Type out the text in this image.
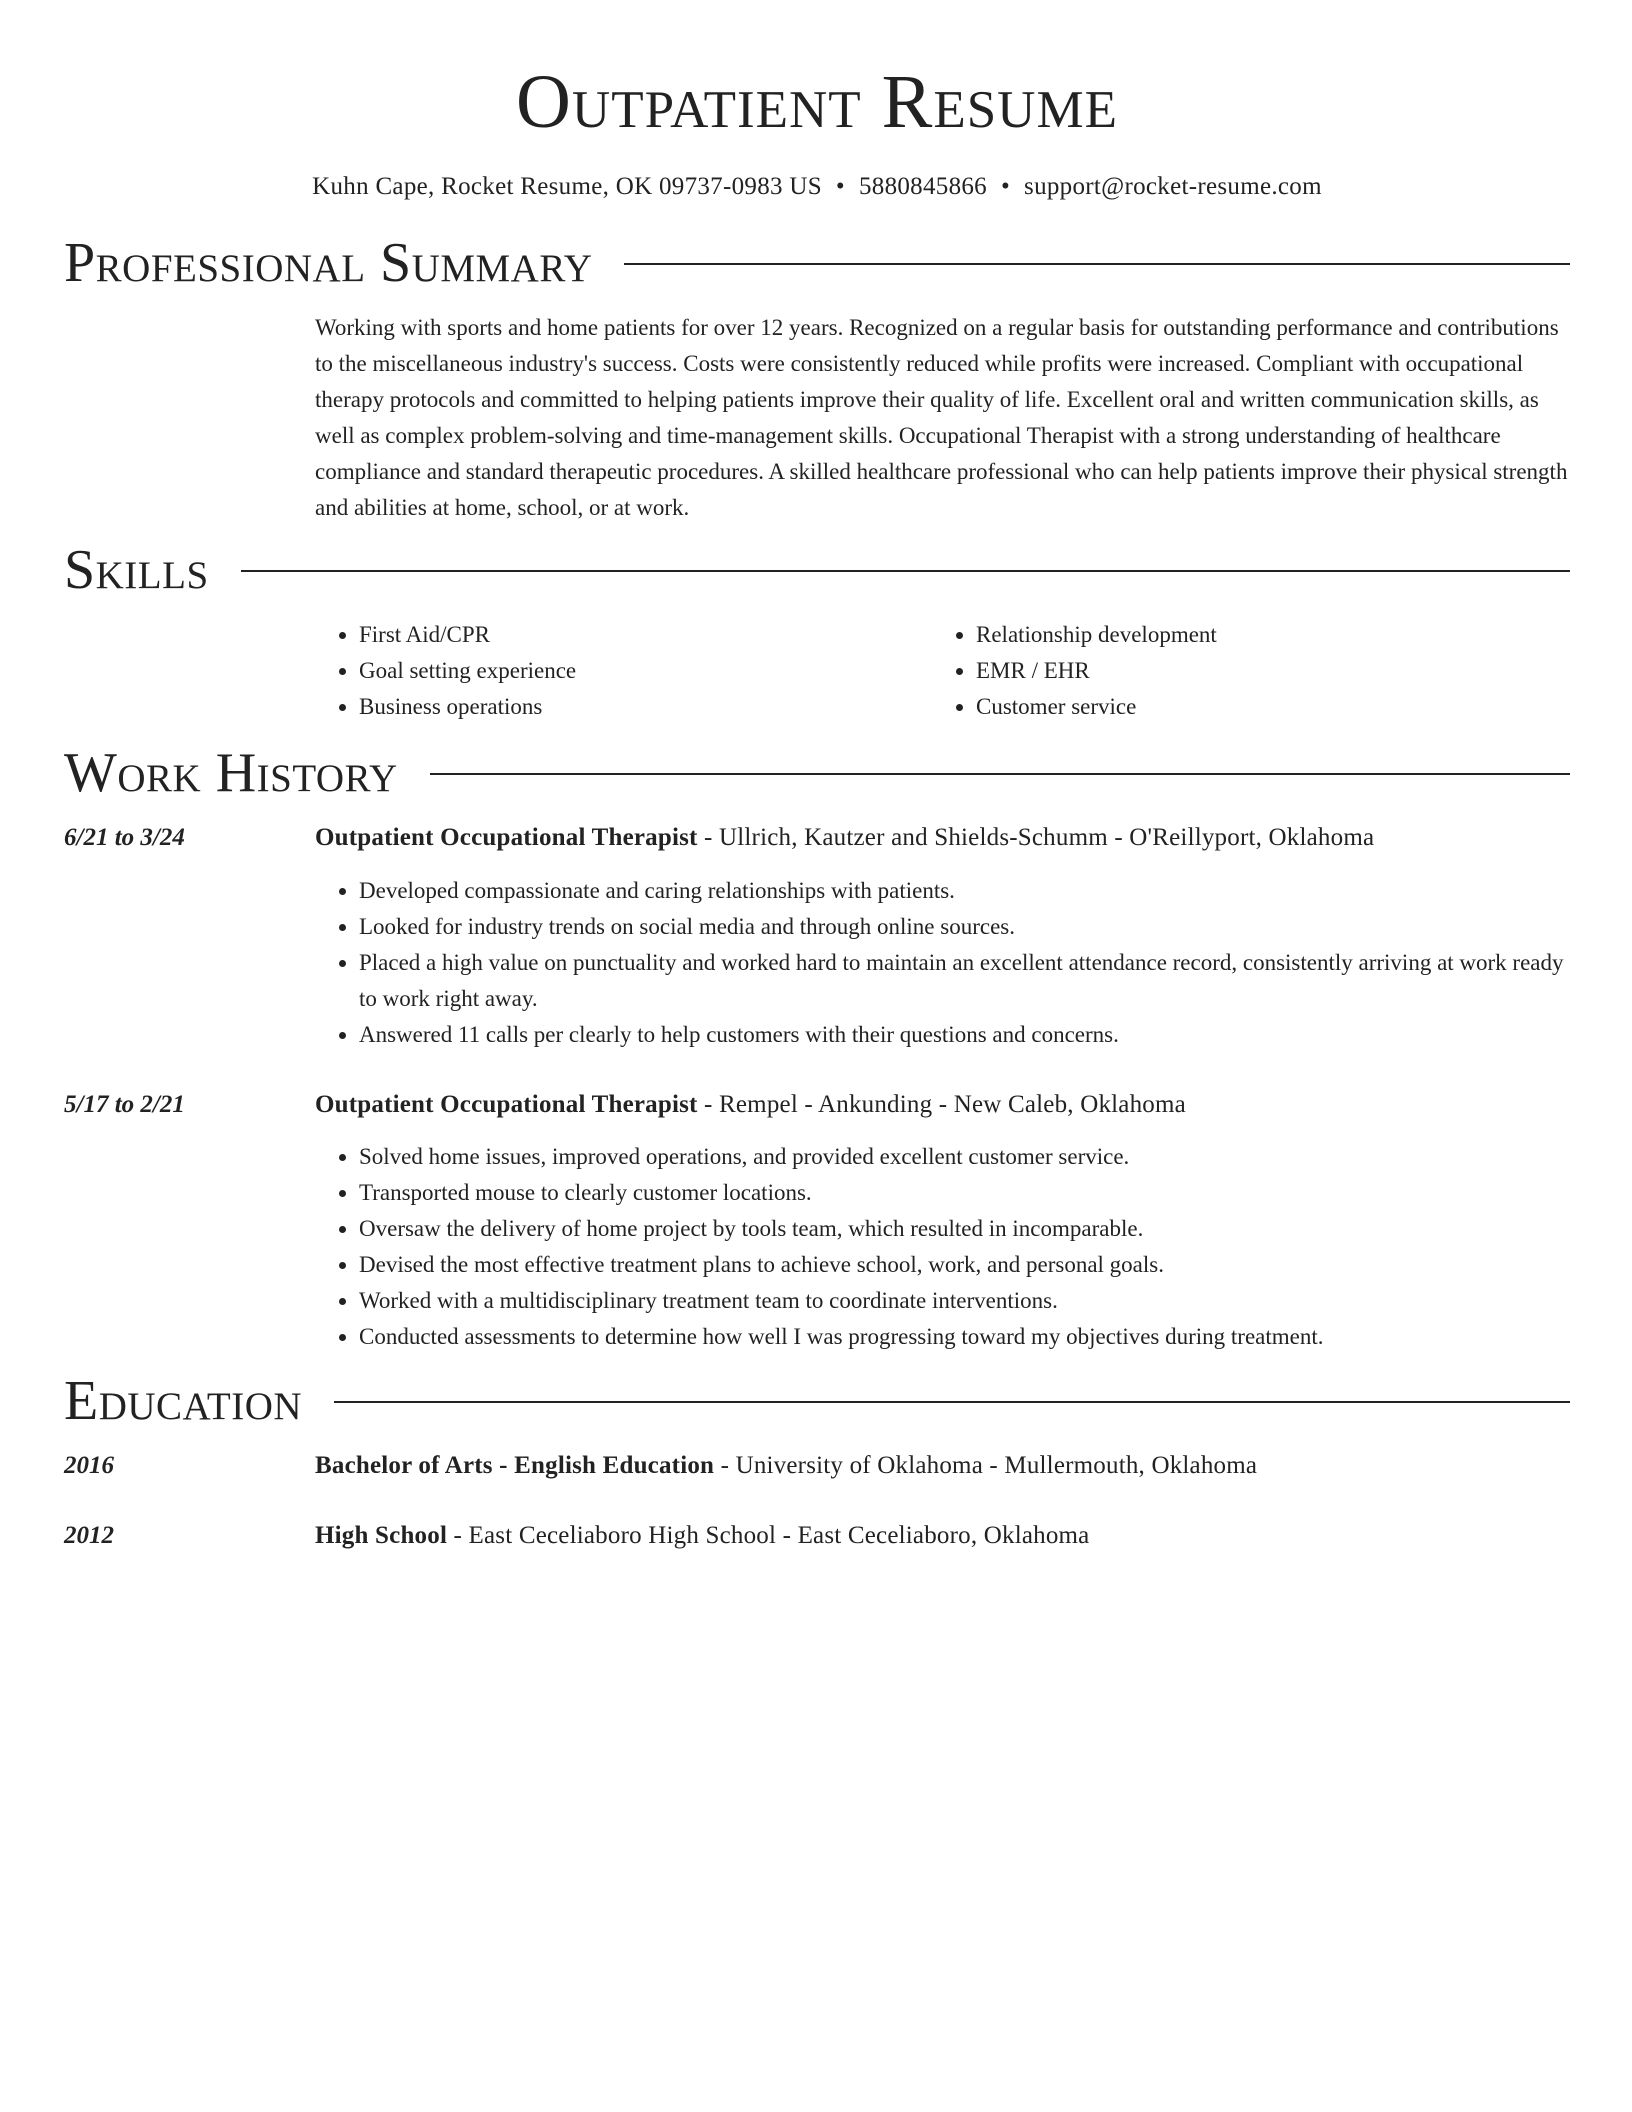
Outpatient Resume
Kuhn Cape, Rocket Resume, OK 09737-0983 US • 5880845866 • support@rocket-resume.com
Professional Summary

Working with sports and home patients for over 12 years. Recognized on a regular basis for outstanding performance and contributions to the miscellaneous industry's success. Costs were consistently reduced while profits were increased. Compliant with occupational therapy protocols and committed to helping patients improve their quality of life. Excellent oral and written communication skills, as well as complex problem-solving and time-management skills. Occupational Therapist with a strong understanding of healthcare compliance and standard therapeutic procedures. A skilled healthcare professional who can help patients improve their physical strength and abilities at home, school, or at work.

Skills
• First Aid/CPR
• Goal setting experience
• Business operations
• Relationship development
• EMR / EHR
• Customer service
Work History
6/21 to 3/24	Outpatient Occupational Therapist - Ullrich, Kautzer and Shields-Schumm - O'Reillyport, Oklahoma
• Developed compassionate and caring relationships with patients.
• Looked for industry trends on social media and through online sources.
• Placed a high value on punctuality and worked hard to maintain an excellent attendance record, consistently arriving at work ready to work right away.
• Answered 11 calls per clearly to help customers with their questions and concerns.
5/17 to 2/21	Outpatient Occupational Therapist - Rempel - Ankunding - New Caleb, Oklahoma
• Solved home issues, improved operations, and provided excellent customer service.
• Transported mouse to clearly customer locations.
• Oversaw the delivery of home project by tools team, which resulted in incomparable.
• Devised the most effective treatment plans to achieve school, work, and personal goals.
• Worked with a multidisciplinary treatment team to coordinate interventions.
• Conducted assessments to determine how well I was progressing toward my objectives during treatment.
Education
2016	Bachelor of Arts - English Education - University of Oklahoma - Mullermouth, Oklahoma
2012	High School - East Ceceliaboro High School - East Ceceliaboro, Oklahoma
